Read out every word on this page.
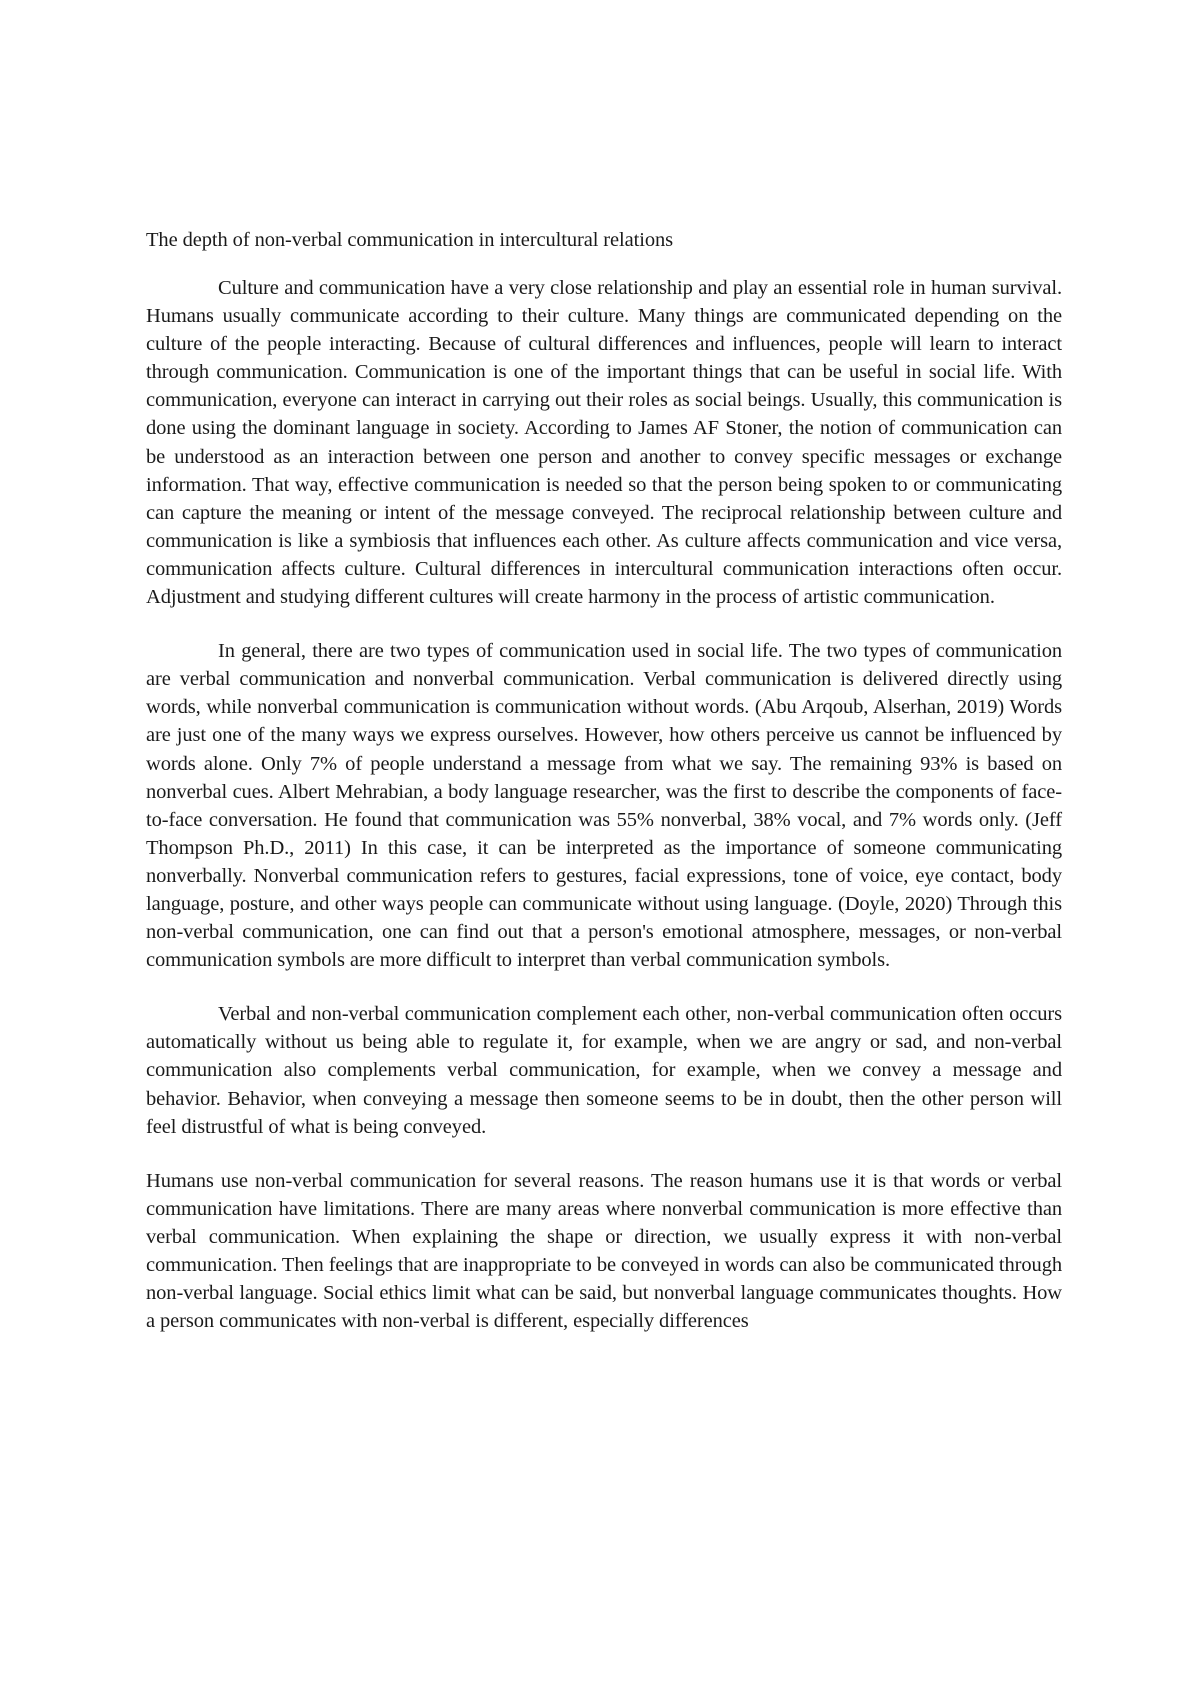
The depth of non-verbal communication in intercultural relations

Culture and communication have a very close relationship and play an essential role in human survival. Humans usually communicate according to their culture. Many things are communicated depending on the culture of the people interacting. Because of cultural differences and influences, people will learn to interact through communication. Communication is one of the important things that can be useful in social life. With communication, everyone can interact in carrying out their roles as social beings. Usually, this communication is done using the dominant language in society. According to James AF Stoner, the notion of communication can be understood as an interaction between one person and another to convey specific messages or exchange information. That way, effective communication is needed so that the person being spoken to or communicating can capture the meaning or intent of the message conveyed. The reciprocal relationship between culture and communication is like a symbiosis that influences each other. As culture affects communication and vice versa, communication affects culture. Cultural differences in intercultural communication interactions often occur. Adjustment and studying different cultures will create harmony in the process of artistic communication.

In general, there are two types of communication used in social life. The two types of communication are verbal communication and nonverbal communication. Verbal communication is delivered directly using words, while nonverbal communication is communication without words. (Abu Arqoub, Alserhan, 2019) Words are just one of the many ways we express ourselves. However, how others perceive us cannot be influenced by words alone. Only 7% of people understand a message from what we say. The remaining 93% is based on nonverbal cues. Albert Mehrabian, a body language researcher, was the first to describe the components of face-to-face conversation. He found that communication was 55% nonverbal, 38% vocal, and 7% words only. (Jeff Thompson Ph.D., 2011) In this case, it can be interpreted as the importance of someone communicating nonverbally. Nonverbal communication refers to gestures, facial expressions, tone of voice, eye contact, body language, posture, and other ways people can communicate without using language. (Doyle, 2020) Through this non-verbal communication, one can find out that a person's emotional atmosphere, messages, or non-verbal communication symbols are more difficult to interpret than verbal communication symbols.

Verbal and non-verbal communication complement each other, non-verbal communication often occurs automatically without us being able to regulate it, for example, when we are angry or sad, and non-verbal communication also complements verbal communication, for example, when we convey a message and behavior. Behavior, when conveying a message then someone seems to be in doubt, then the other person will feel distrustful of what is being conveyed.

Humans use non-verbal communication for several reasons. The reason humans use it is that words or verbal communication have limitations. There are many areas where nonverbal communication is more effective than verbal communication. When explaining the shape or direction, we usually express it with non-verbal communication. Then feelings that are inappropriate to be conveyed in words can also be communicated through non-verbal language. Social ethics limit what can be said, but nonverbal language communicates thoughts. How a person communicates with non-verbal is different, especially differences
